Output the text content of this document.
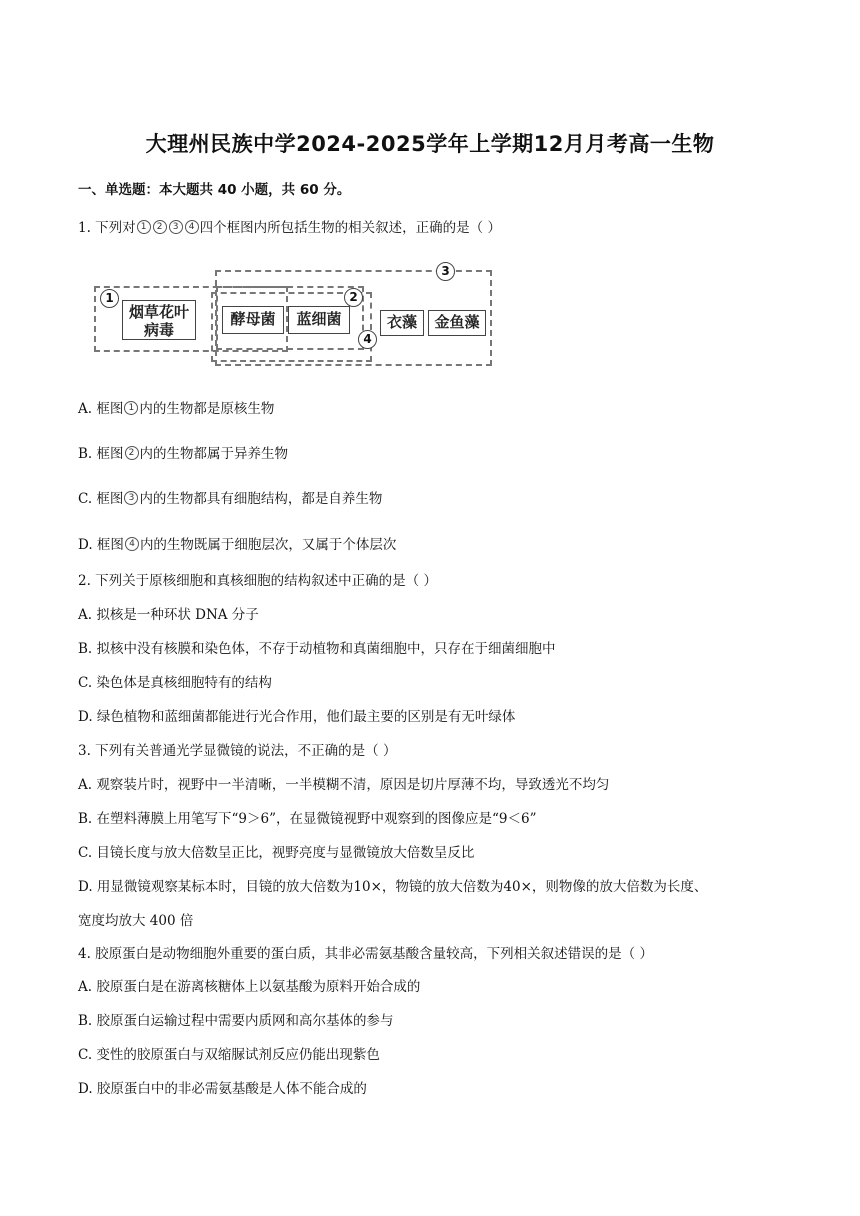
大理州民族中学2024-2025学年上学期12月月考高一生物
一、单选题：本大题共 40 小题，共 60 分。
1. 下列对 1 2 3 4 四个框图内所包括生物的相关叙述，正确的是（ ）
烟草花叶
病毒
酵母菌	蓝细菌	衣藻	金鱼藻
1	2
3
4
A. 框图 1 内的生物都是原核生物
B. 框图 2 内的生物都属于异养生物
C. 框图 3 内的生物都具有细胞结构，都是自养生物
D. 框图 4 内的生物既属于细胞层次，又属于个体层次
2. 下列关于原核细胞和真核细胞的结构叙述中正确的是（ ）
A. 拟核是一种环状 DNA 分子
B. 拟核中没有核膜和染色体，不存于动植物和真菌细胞中，只存在于细菌细胞中
C. 染色体是真核细胞特有的结构
D. 绿色植物和蓝细菌都能进行光合作用，他们最主要的区别是有无叶绿体
3. 下列有关普通光学显微镜的说法，不正确的是（ ）
A. 观察装片时，视野中一半清晰，一半模糊不清，原因是切片厚薄不均，导致透光不均匀
B. 在塑料薄膜上用笔写下“9＞6”，在显微镜视野中观察到的图像应是“9＜6”
C. 目镜长度与放大倍数呈正比，视野亮度与显微镜放大倍数呈反比
D. 用显微镜观察某标本时，目镜的放大倍数为10×，物镜的放大倍数为40×，则物像的放大倍数为长度、
宽度均放大 400 倍
4. 胶原蛋白是动物细胞外重要的蛋白质，其非必需氨基酸含量较高，下列相关叙述错误的是（ ）
A. 胶原蛋白是在游离核糖体上以氨基酸为原料开始合成的
B. 胶原蛋白运输过程中需要内质网和高尔基体的参与
C. 变性的胶原蛋白与双缩脲试剂反应仍能出现紫色
D. 胶原蛋白中的非必需氨基酸是人体不能合成的
